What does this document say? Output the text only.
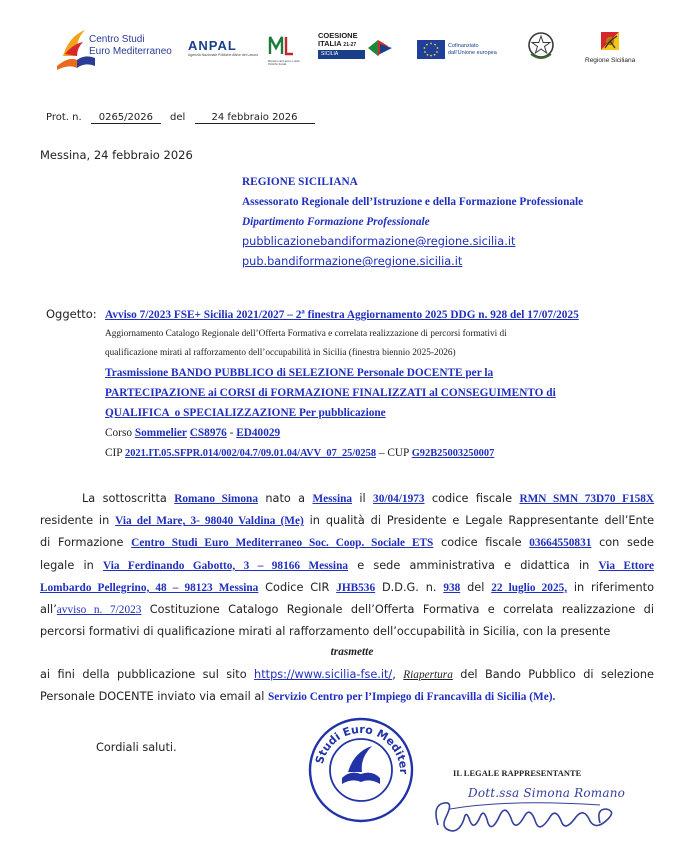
Centro Studi
Euro Mediterraneo ANPAL
Agenzia Nazionale Politiche Attive del Lavoro
Ministero del Lavoro e delle Politiche Sociali
COESIONE
ITALIA 21-27
SICILIA
Cofinanziato
dall'Unione europea
Regione Siciliana
Prot. n. 0265/2026 del	24 febbraio 2026
Messina, 24 febbraio 2026
REGIONE SICILIANA
Assessorato Regionale dell’Istruzione e della Formazione Professionale
Dipartimento Formazione Professionale
pubblicazionebandiformazione@regione.sicilia.it
pub.bandiformazione@regione.sicilia.it
Oggetto: Avviso 7/2023 FSE+ Sicilia 2021/2027 – 2ª finestra Aggiornamento 2025 DDG n. 928 del 17/07/2025
Aggiornamento Catalogo Regionale dell’Offerta Formativa e correlata realizzazione di percorsi formativi di
qualificazione mirati al rafforzamento dell’occupabilità in Sicilia (finestra biennio 2025-2026)
Trasmissione BANDO PUBBLICO di SELEZIONE Personale DOCENTE per la
PARTECIPAZIONE ai CORSI di FORMAZIONE FINALIZZATI al CONSEGUIMENTO di
QUALIFICA  o SPECIALIZZAZIONE Per pubblicazione
Corso Sommelier CS8976 - ED40029
CIP 2021.IT.05.SFPR.014/002/04.7/09.01.04/AVV_07_25/0258 – CUP G92B25003250007
La sottoscritta Romano Simona nato a Messina il 30/04/1973 codice fiscale RMN SMN 73D70 F158X
residente in Via del Mare, 3- 98040 Valdina (Me) in qualità di Presidente e Legale Rappresentante dell’Ente
di Formazione Centro Studi Euro Mediterraneo Soc. Coop. Sociale ETS codice fiscale 03664550831 con sede
legale in Via Ferdinando Gabotto, 3 – 98166 Messina e sede amministrativa e didattica in Via Ettore
Lombardo Pellegrino, 48 – 98123 Messina Codice CIR JHB536 D.D.G. n. 938 del 22 luglio 2025, in riferimento
all’avviso n. 7/2023 Costituzione Catalogo Regionale dell’Offerta Formativa e correlata realizzazione di
percorsi formativi di qualificazione mirati al rafforzamento dell’occupabilità in Sicilia, con la presente
trasmette
ai fini della pubblicazione sul sito https://www.sicilia-fse.it/, Riapertura del Bando Pubblico di selezione
Personale DOCENTE inviato via email al Servizio Centro per l’Impiego di Francavilla di Sicilia (Me).
Cordiali saluti.
Studi Euro Mediter	IL LEGALE RAPPRESENTANTE
Dott.ssa Simona Romano
